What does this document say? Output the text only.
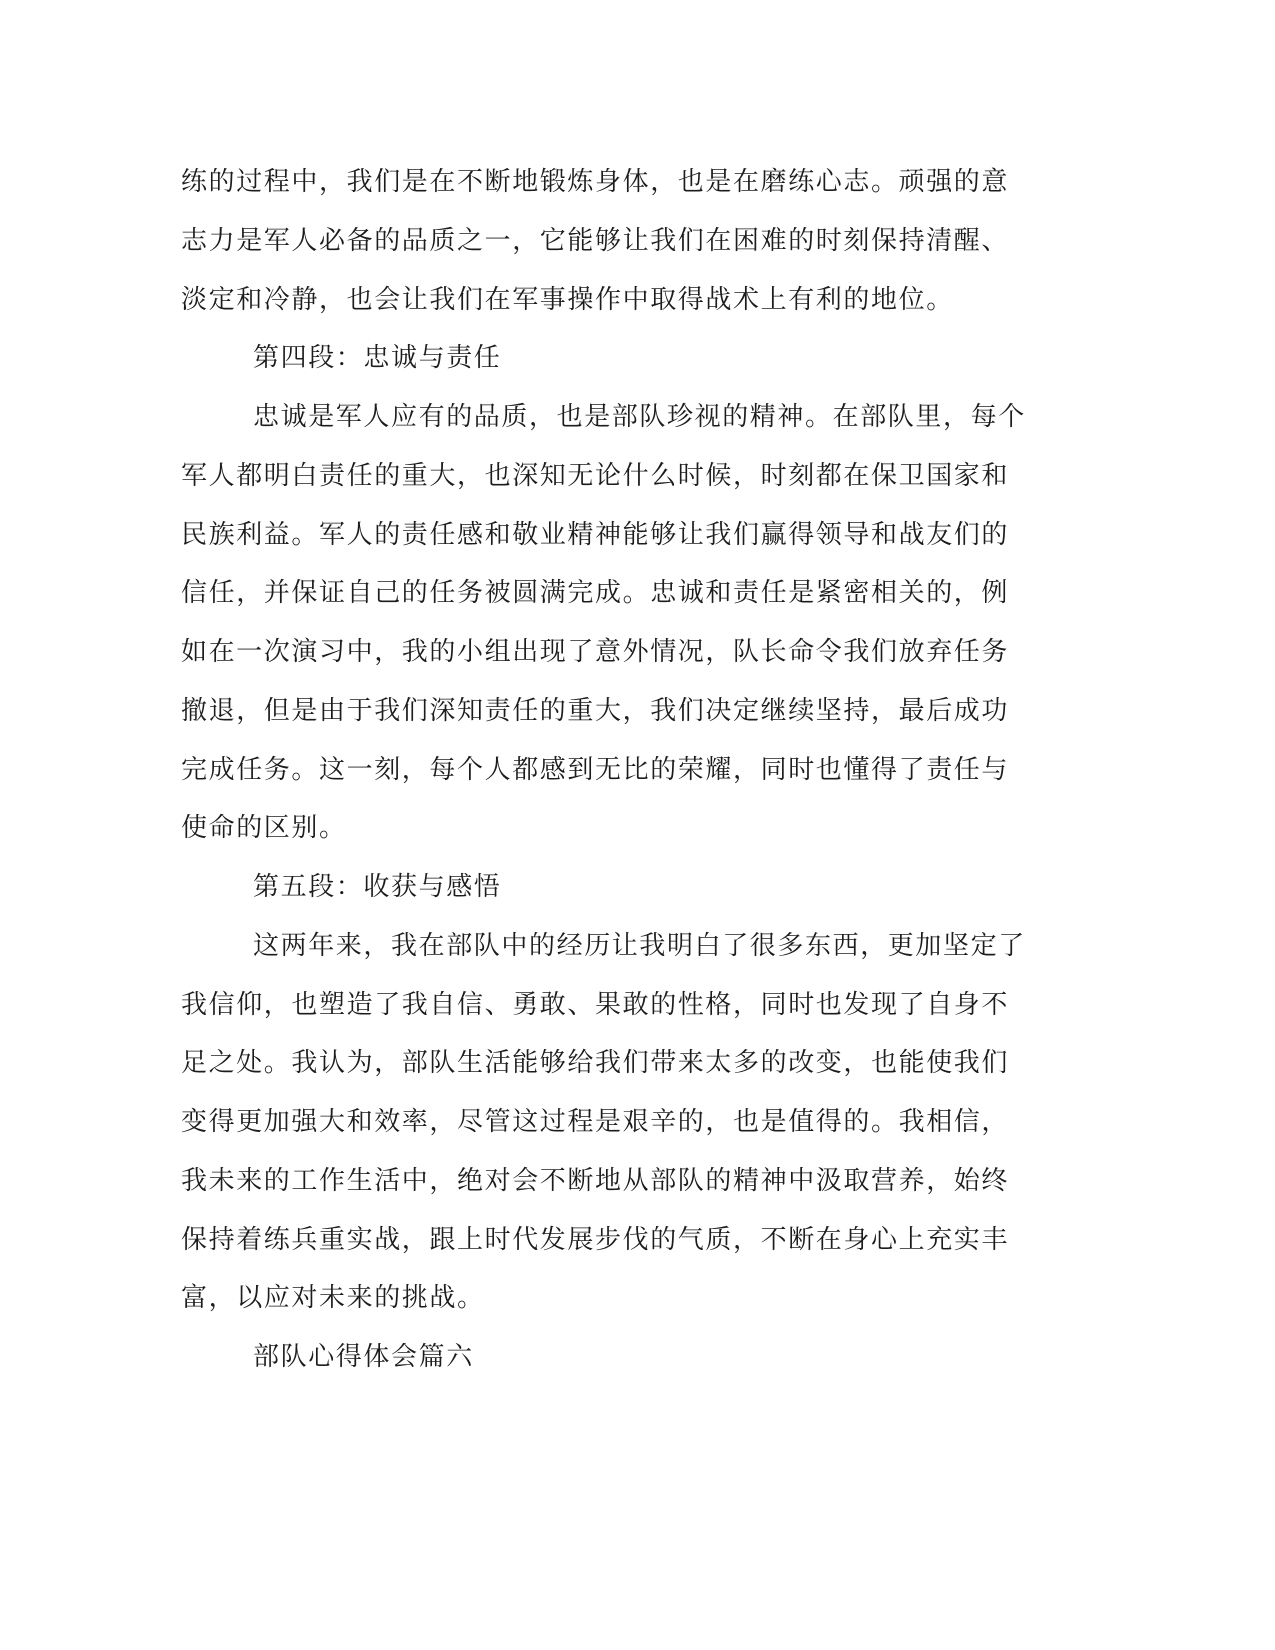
练的过程中，我们是在不断地锻炼身体，也是在磨练心志。顽强的意
志力是军人必备的品质之一，它能够让我们在困难的时刻保持清醒、
淡定和冷静，也会让我们在军事操作中取得战术上有利的地位。
第四段：忠诚与责任
忠诚是军人应有的品质，也是部队珍视的精神。在部队里，每个
军人都明白责任的重大，也深知无论什么时候，时刻都在保卫国家和
民族利益。军人的责任感和敬业精神能够让我们赢得领导和战友们的
信任，并保证自己的任务被圆满完成。忠诚和责任是紧密相关的，例
如在一次演习中，我的小组出现了意外情况，队长命令我们放弃任务
撤退，但是由于我们深知责任的重大，我们决定继续坚持，最后成功
完成任务。这一刻，每个人都感到无比的荣耀，同时也懂得了责任与
使命的区别。
第五段：收获与感悟
这两年来，我在部队中的经历让我明白了很多东西，更加坚定了
我信仰，也塑造了我自信、勇敢、果敢的性格，同时也发现了自身不
足之处。我认为，部队生活能够给我们带来太多的改变，也能使我们
变得更加强大和效率，尽管这过程是艰辛的，也是值得的。我相信，
我未来的工作生活中，绝对会不断地从部队的精神中汲取营养，始终
保持着练兵重实战，跟上时代发展步伐的气质，不断在身心上充实丰
富，以应对未来的挑战。
部队心得体会篇六
